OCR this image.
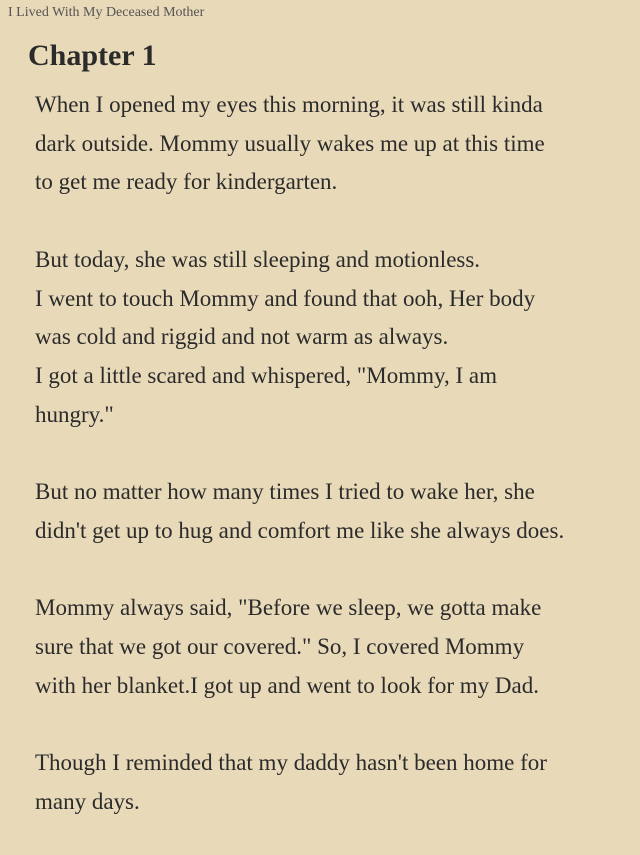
I Lived With My Deceased Mother
Chapter 1

When I opened my eyes this morning, it was still kinda
dark outside. Mommy usually wakes me up at this time
to get me ready for kindergarten.

But today, she was still sleeping and motionless.
I went to touch Mommy and found that ooh, Her body
was cold and riggid and not warm as always.
I got a little scared and whispered, "Mommy, I am
hungry."

But no matter how many times I tried to wake her, she
didn't get up to hug and comfort me like she always does.

Mommy always said, "Before we sleep, we gotta make
sure that we got our covered." So, I covered Mommy
with her blanket.I got up and went to look for my Dad.

Though I reminded that my daddy hasn't been home for
many days.
